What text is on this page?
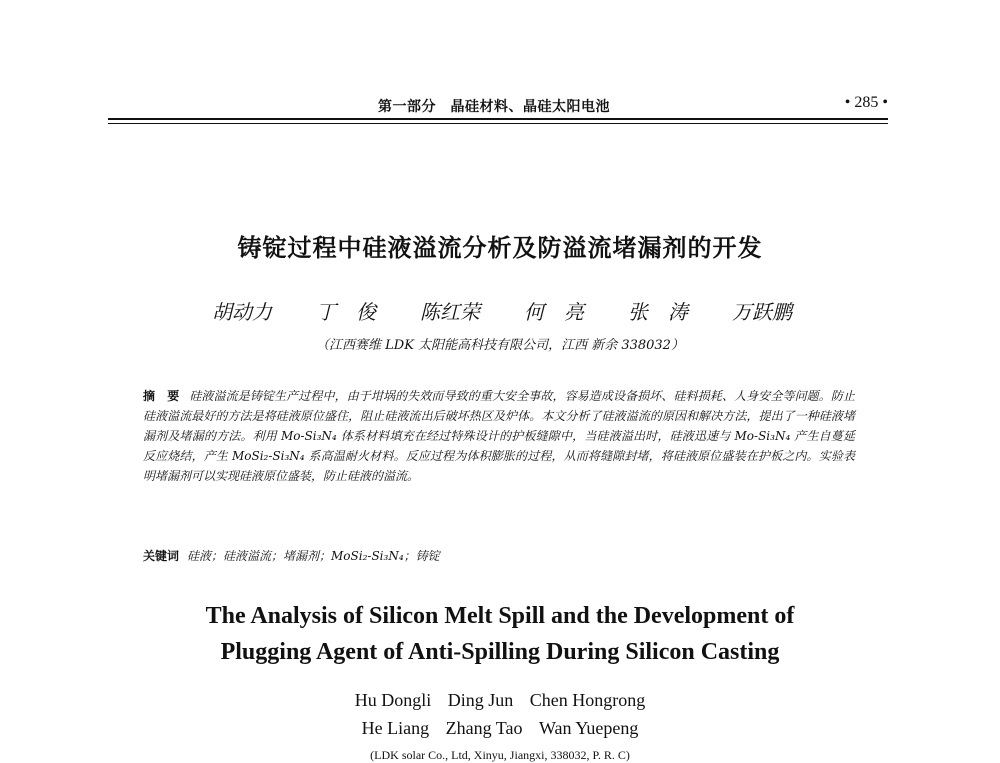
第一部分　晶硅材料、晶硅太阳电池	• 285 •
铸锭过程中硅液溢流分析及防溢流堵漏剂的开发
胡动力 丁　俊 陈红荣 何　亮 张　涛 万跃鹏
（江西赛维 LDK 太阳能高科技有限公司，江西 新余 338032）
摘　要 硅液溢流是铸锭生产过程中，由于坩埚的失效而导致的重大安全事故，容易造成设备损坏、硅料损耗、人身安全等问题。防止硅液溢流最好的方法是将硅液原位盛住，阻止硅液流出后破坏热区及炉体。本文分析了硅液溢流的原因和解决方法，提出了一种硅液堵漏剂及堵漏的方法。利用 Mo-Si₃N₄ 体系材料填充在经过特殊设计的护板缝隙中，当硅液溢出时，硅液迅速与 Mo-Si₃N₄ 产生自蔓延反应烧结，产生 MoSi₂-Si₃N₄ 系高温耐火材料。反应过程为体积膨胀的过程，从而将缝隙封堵，将硅液原位盛装在护板之内。实验表明堵漏剂可以实现硅液原位盛装，防止硅液的溢流。
关键词 硅液；硅液溢流；堵漏剂；MoSi₂-Si₃N₄；铸锭
The Analysis of Silicon Melt Spill and the Development of
Plugging Agent of Anti-Spilling During Silicon Casting
Hu Dongli Ding Jun Chen Hongrong
He Liang Zhang Tao Wan Yuepeng
(LDK solar Co., Ltd, Xinyu, Jiangxi, 338032, P. R. C)
